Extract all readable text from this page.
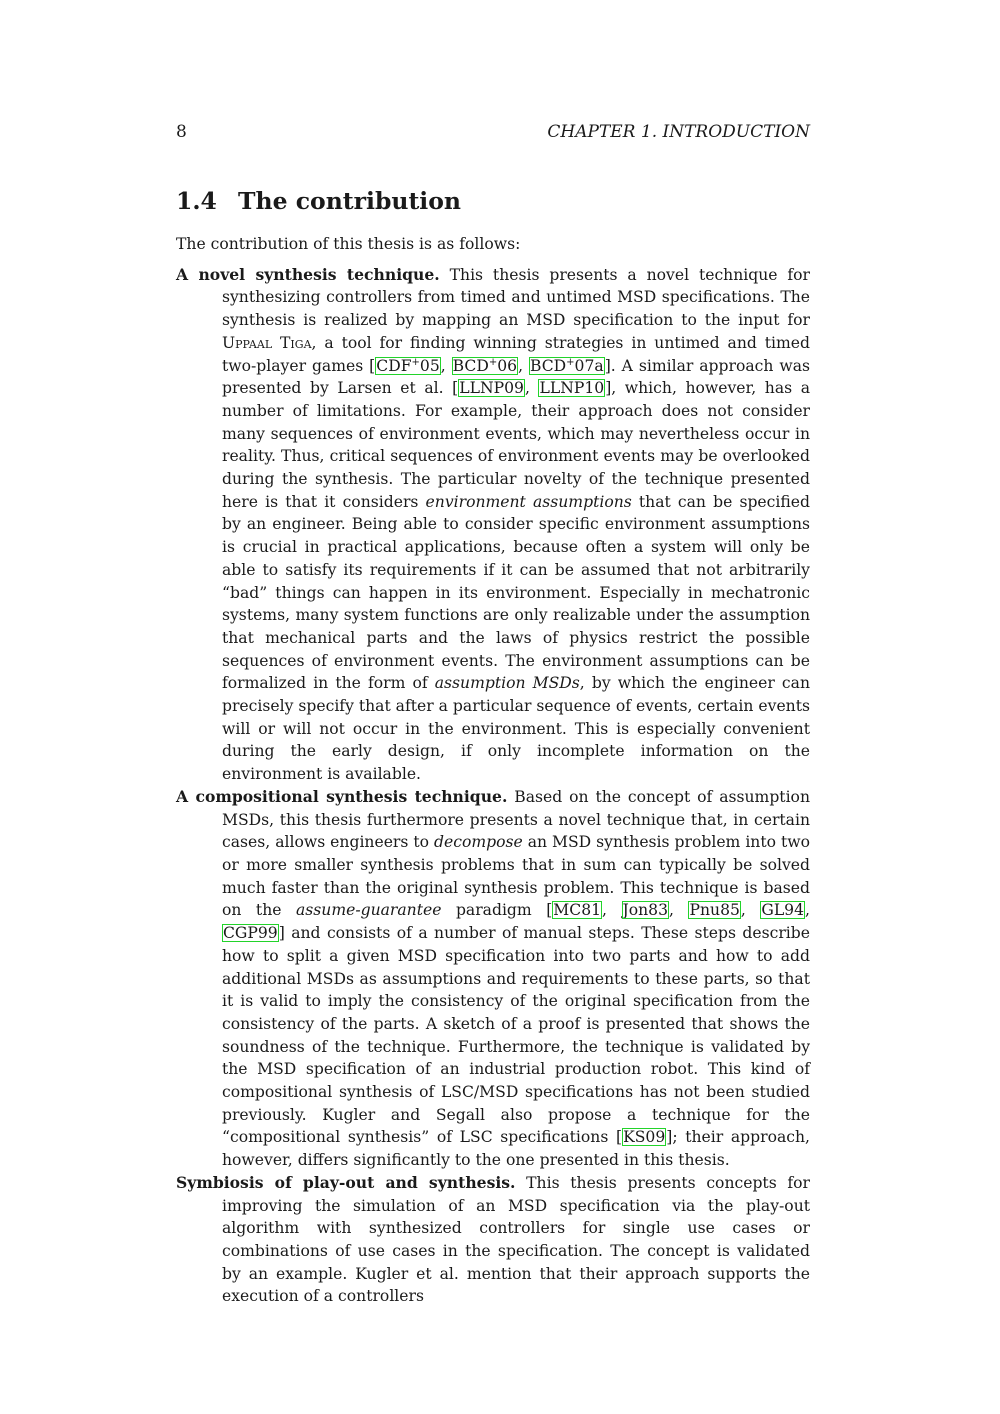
8	CHAPTER 1. INTRODUCTION
1.4 The contribution

The contribution of this thesis is as follows:

A novel synthesis technique. This thesis presents a novel technique for synthesizing controllers from timed and untimed MSD specifications. The synthesis is realized by mapping an MSD specification to the input for Uppaal Tiga, a tool for finding winning strategies in untimed and timed two-player games [CDF+05, BCD+06, BCD+07a]. A similar approach was presented by Larsen et al. [LLNP09, LLNP10], which, however, has a number of limitations. For example, their approach does not consider many sequences of environment events, which may nevertheless occur in reality. Thus, critical sequences of environment events may be overlooked during the synthesis. The particular novelty of the technique presented here is that it considers environment assumptions that can be specified by an engineer. Being able to consider specific environment assumptions is crucial in practical applications, because often a system will only be able to satisfy its requirements if it can be assumed that not arbitrarily “bad” things can happen in its environment. Especially in mechatronic systems, many system functions are only realizable under the assumption that mechanical parts and the laws of physics restrict the possible sequences of environment events. The environment assumptions can be formalized in the form of assumption MSDs, by which the engineer can precisely specify that after a particular sequence of events, certain events will or will not occur in the environment. This is especially convenient during the early design, if only incomplete information on the environment is available.

A compositional synthesis technique. Based on the concept of assumption MSDs, this thesis furthermore presents a novel technique that, in certain cases, allows engineers to decompose an MSD synthesis problem into two or more smaller synthesis problems that in sum can typically be solved much faster than the original synthesis problem. This technique is based on the assume-guarantee paradigm [MC81, Jon83, Pnu85, GL94, CGP99] and consists of a number of manual steps. These steps describe how to split a given MSD specification into two parts and how to add additional MSDs as assumptions and requirements to these parts, so that it is valid to imply the consistency of the original specification from the consistency of the parts. A sketch of a proof is presented that shows the soundness of the technique. Furthermore, the technique is validated by the MSD specification of an industrial production robot. This kind of compositional synthesis of LSC/MSD specifications has not been studied previously. Kugler and Segall also propose a technique for the “compositional synthesis” of LSC specifications [KS09]; their approach, however, differs significantly to the one presented in this thesis.

Symbiosis of play-out and synthesis. This thesis presents concepts for improving the simulation of an MSD specification via the play-out algorithm with synthesized controllers for single use cases or combinations of use cases in the specification. The concept is validated by an example. Kugler et al. mention that their approach supports the execution of a controllers
